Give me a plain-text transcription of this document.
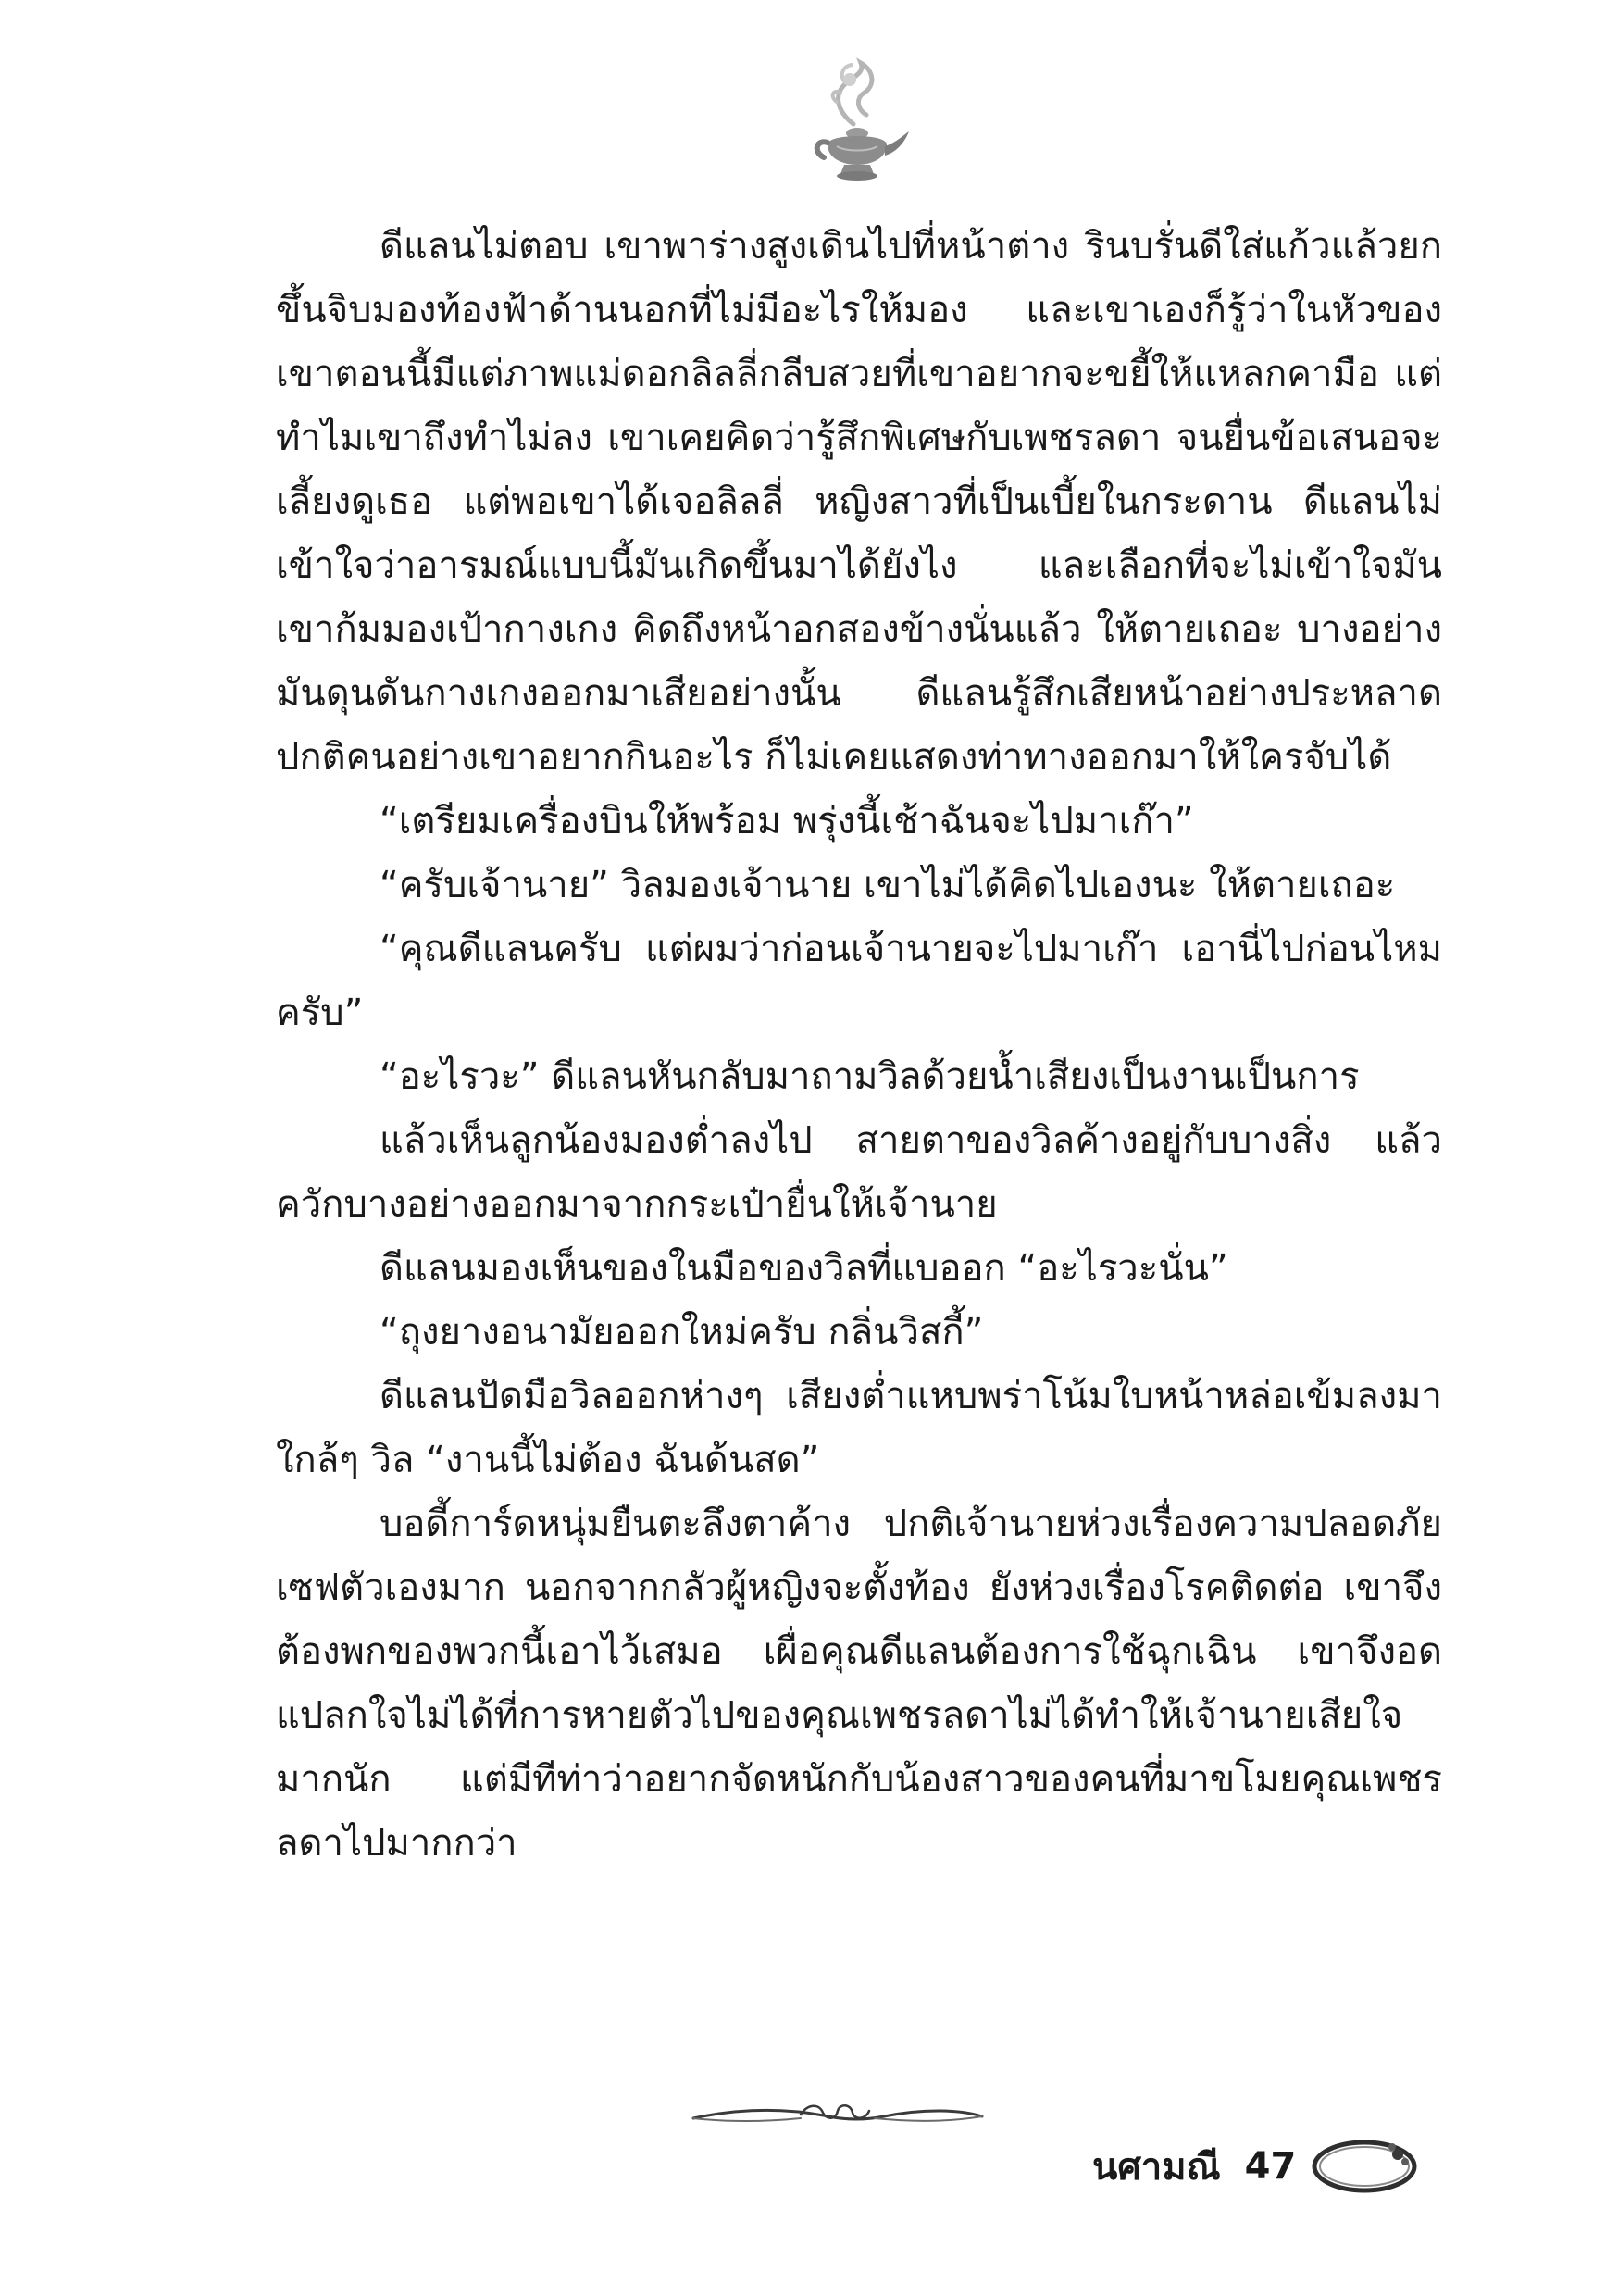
ดีแลนไม่ตอบ เขาพาร่างสูงเดินไปที่หน้าต่าง รินบรั่นดีใส่แก้วแล้วยกขึ้นจิบมองท้องฟ้าด้านนอกที่ไม่มีอะไรให้มอง และเขาเองก็รู้ว่าในหัวของเขาตอนนี้มีแต่ภาพแม่ดอกลิลลี่กลีบสวยที่เขาอยากจะขยี้ให้แหลกคามือ แต่ทำไมเขาถึงทำไม่ลง เขาเคยคิดว่ารู้สึกพิเศษกับเพชรลดา จนยื่นข้อเสนอจะเลี้ยงดูเธอ แต่พอเขาได้เจอลิลลี่ หญิงสาวที่เป็นเบี้ยในกระดาน ดีแลนไม่เข้าใจว่าอารมณ์แบบนี้มันเกิดขึ้นมาได้ยังไง และเลือกที่จะไม่เข้าใจมัน เขาก้มมองเป้ากางเกง คิดถึงหน้าอกสองข้างนั่นแล้ว ให้ตายเถอะ บางอย่างมันดุนดันกางเกงออกมาเสียอย่างนั้น ดีแลนรู้สึกเสียหน้าอย่างประหลาด ปกติคนอย่างเขาอยากกินอะไร ก็ไม่เคยแสดงท่าทางออกมาให้ใครจับได้

“เตรียมเครื่องบินให้พร้อม พรุ่งนี้เช้าฉันจะไปมาเก๊า”

“ครับเจ้านาย” วิลมองเจ้านาย เขาไม่ได้คิดไปเองนะ ให้ตายเถอะ

“คุณดีแลนครับ แต่ผมว่าก่อนเจ้านายจะไปมาเก๊า เอานี่ไปก่อนไหมครับ”

“อะไรวะ” ดีแลนหันกลับมาถามวิลด้วยน้ำเสียงเป็นงานเป็นการ

แล้วเห็นลูกน้องมองต่ำลงไป สายตาของวิลค้างอยู่กับบางสิ่ง แล้วควักบางอย่างออกมาจากกระเป๋ายื่นให้เจ้านาย

ดีแลนมองเห็นของในมือของวิลที่แบออก “อะไรวะนั่น”

“ถุงยางอนามัยออกใหม่ครับ กลิ่นวิสกี้”

ดีแลนปัดมือวิลออกห่างๆ เสียงต่ำแหบพร่าโน้มใบหน้าหล่อเข้มลงมาใกล้ๆ วิล “งานนี้ไม่ต้อง ฉันด้นสด”

บอดี้การ์ดหนุ่มยืนตะลึงตาค้าง ปกติเจ้านายห่วงเรื่องความปลอดภัยเซฟตัวเองมาก นอกจากกลัวผู้หญิงจะตั้งท้อง ยังห่วงเรื่องโรคติดต่อ เขาจึงต้องพกของพวกนี้เอาไว้เสมอ เผื่อคุณดีแลนต้องการใช้ฉุกเฉิน เขาจึงอดแปลกใจไม่ได้ที่การหายตัวไปของคุณเพชรลดาไม่ได้ทำให้เจ้านายเสียใจมากนัก แต่มีทีท่าว่าอยากจัดหนักกับน้องสาวของคนที่มาขโมยคุณเพชรลดาไปมากกว่า

นศามณี 47
